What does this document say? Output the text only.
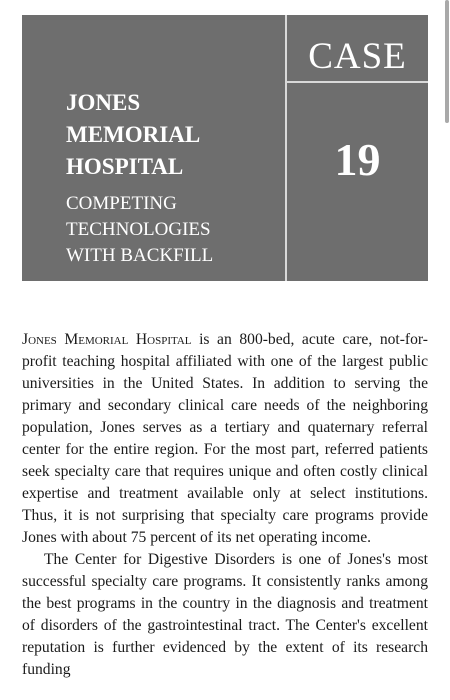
JONES
MEMORIAL
HOSPITAL
COMPETING
TECHNOLOGIES
WITH BACKFILL
CASE
19

Jones Memorial Hospital is an 800-bed, acute care, not-for-profit teaching hospital affiliated with one of the largest public universities in the United States. In addition to serving the primary and secondary clinical care needs of the neighboring population, Jones serves as a tertiary and quaternary referral center for the entire region. For the most part, referred patients seek specialty care that requires unique and often costly clinical expertise and treatment available only at select institutions. Thus, it is not surprising that specialty care programs provide Jones with about 75 percent of its net operating income.

The Center for Digestive Disorders is one of Jones's most successful specialty care programs. It consistently ranks among the best programs in the country in the diagnosis and treatment of disorders of the gastrointestinal tract. The Center's excellent reputation is further evidenced by the extent of its research funding
